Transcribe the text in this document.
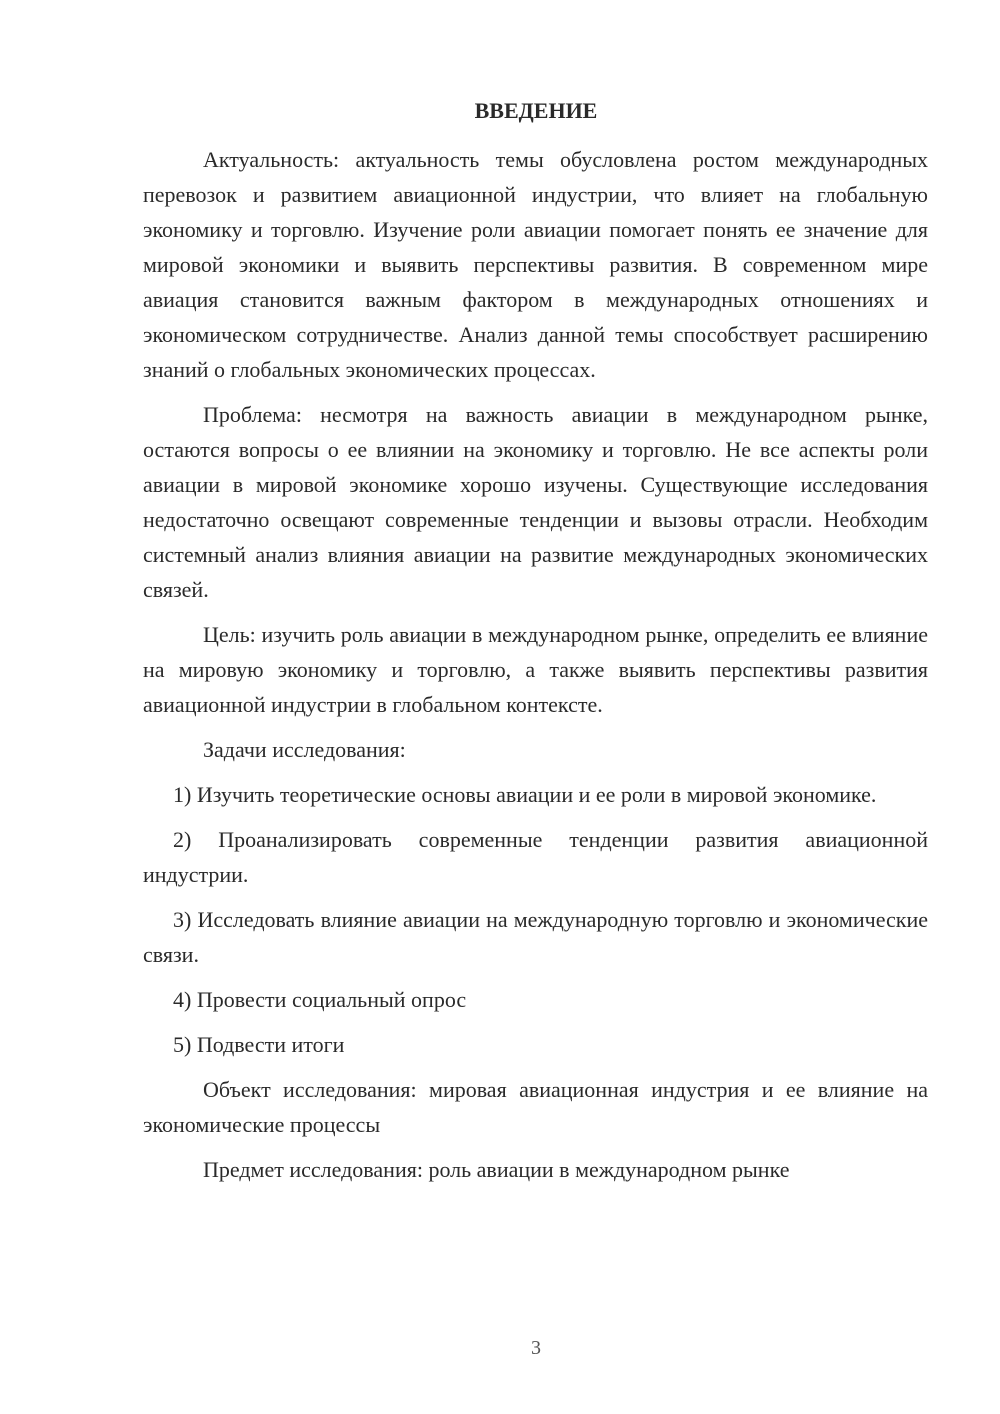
ВВЕДЕНИЕ

Актуальность: актуальность темы обусловлена ростом международных перевозок и развитием авиационной индустрии, что влияет на глобальную экономику и торговлю. Изучение роли авиации помогает понять ее значение для мировой экономики и выявить перспективы развития. В современном мире авиация становится важным фактором в международных отношениях и экономическом сотрудничестве. Анализ данной темы способствует расширению знаний о глобальных экономических процессах.

Проблема: несмотря на важность авиации в международном рынке, остаются вопросы о ее влиянии на экономику и торговлю. Не все аспекты роли авиации в мировой экономике хорошо изучены. Существующие исследования недостаточно освещают современные тенденции и вызовы отрасли. Необходим системный анализ влияния авиации на развитие международных экономических связей.

Цель: изучить роль авиации в международном рынке, определить ее влияние на мировую экономику и торговлю, а также выявить перспективы развития авиационной индустрии в глобальном контексте.

Задачи исследования:

1) Изучить теоретические основы авиации и ее роли в мировой экономике.

2) Проанализировать современные тенденции развития авиационной индустрии.

3) Исследовать влияние авиации на международную торговлю и экономические связи.

4) Провести социальный опрос

5) Подвести итоги

Объект исследования: мировая авиационная индустрия и ее влияние на экономические процессы

Предмет исследования: роль авиации в международном рынке

3
